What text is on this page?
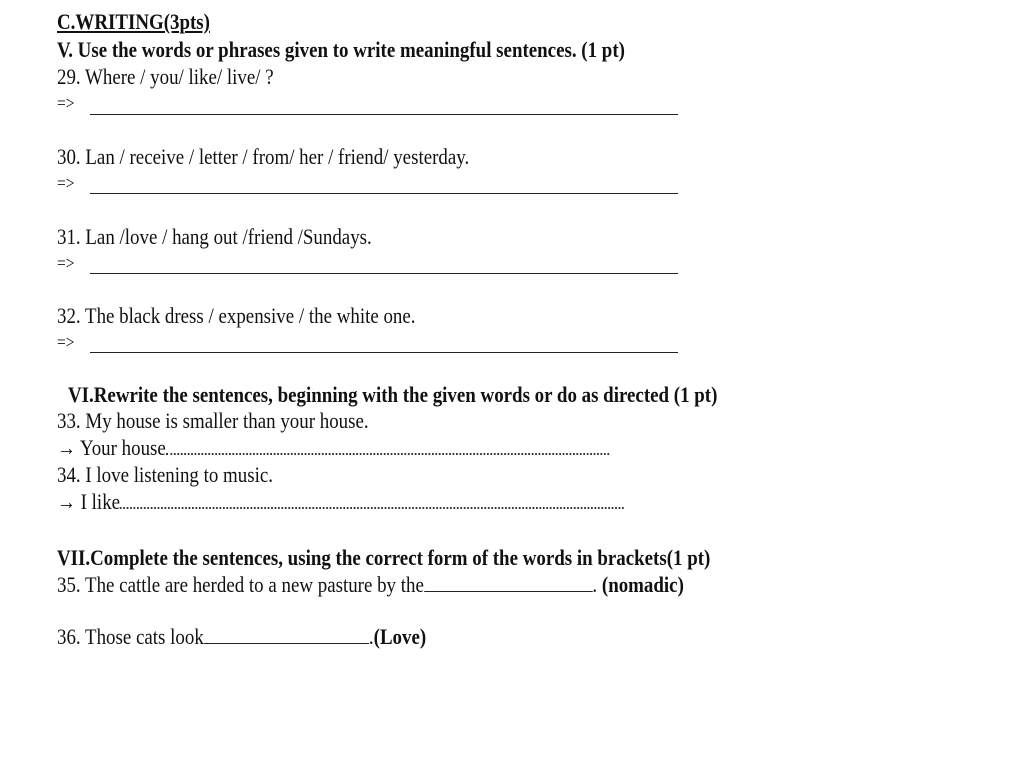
C.WRITING(3pts)
V. Use the words or phrases given to write meaningful sentences. (1 pt)
29. Where / you/ like/ live/ ?
=>
30. Lan / receive / letter / from/ her / friend/ yesterday.
=>
31. Lan /love / hang out /friend /Sundays.
=>
32. The black dress / expensive / the white one.
=>
VI.Rewrite the sentences, beginning with the given words or do as directed (1 pt)
33. My house is smaller than your house.
→ Your house
34. I love listening to music.
→ I like
VII.Complete the sentences, using the correct form of the words in brackets(1 pt)
35. The cattle are herded to a new pasture by the	. (nomadic)
36. Those cats look	.(Love)
